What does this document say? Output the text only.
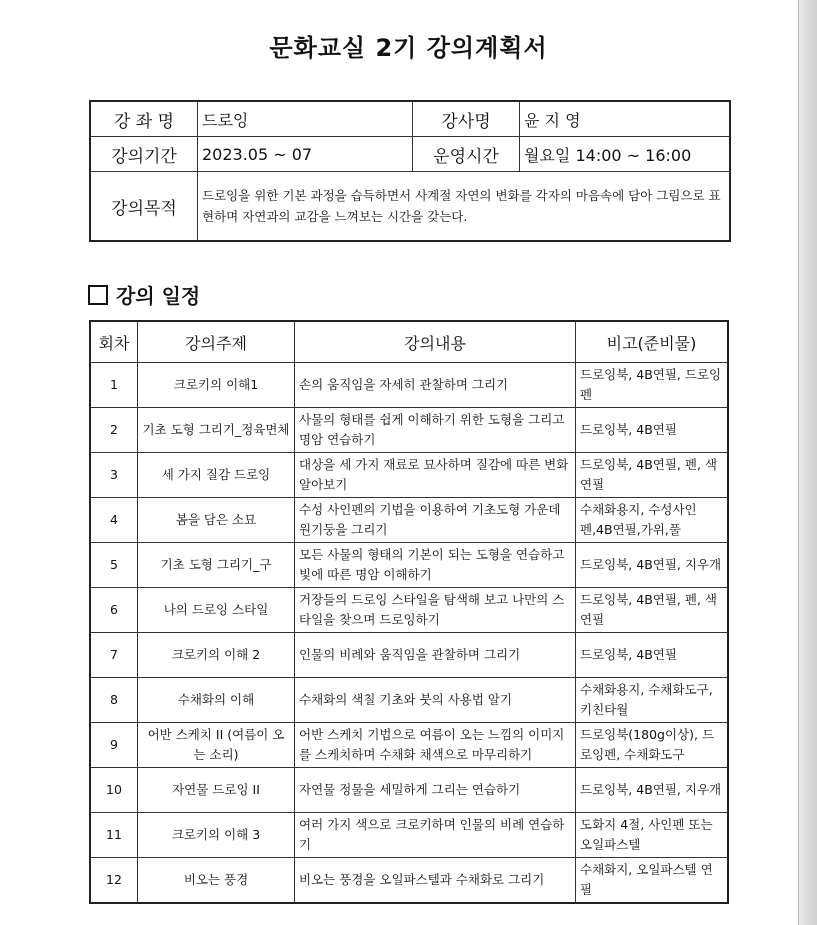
문화교실 2기 강의계획서
강 좌 명	드로잉	강사명	윤 지 영
강의기간	2023.05 ~ 07	운영시간	월요일 14:00 ~ 16:00
강의목적	드로잉을 위한 기본 과정을 습득하면서 사계절 자연의 변화를 각자의 마음속에 담아 그림으로 표현하며 자연과의 교감을 느껴보는 시간을 갖는다.		
강의 일정
회차	강의주제	강의내용	비고(준비물)
1	크로키의 이해1	손의 움직임을 자세히 관찰하며 그리기	드로잉북, 4B연필, 드로잉펜
2	기초 도형 그리기_정육면체	사물의 형태를 쉽게 이해하기 위한 도형을 그리고 명암 연습하기	드로잉북, 4B연필
3	세 가지 질감 드로잉	대상을 세 가지 재료로 묘사하며 질감에 따른 변화 알아보기	드로잉북, 4B연필, 펜, 색연필
4	봄을 담은 소묘	수성 사인펜의 기법을 이용하여 기초도형 가운데 원기둥을 그리기	수채화용지, 수성사인펜,4B연필,가위,풀
5	기초 도형 그리기_구	모든 사물의 형태의 기본이 되는 도형을 연습하고 빛에 따른 명암 이해하기	드로잉북, 4B연필, 지우개
6	나의 드로잉 스타일	거장들의 드로잉 스타일을 탐색해 보고 나만의 스타일을 찾으며 드로잉하기	드로잉북, 4B연필, 펜, 색연필
7	크로키의 이해 2	인물의 비례와 움직임을 관찰하며 그리기	드로잉북, 4B연필
8	수채화의 이해	수채화의 색칠 기초와 붓의 사용법 알기	수채화용지, 수채화도구, 키친타월
9	어반 스케치 II (여름이 오는 소리)	어반 스케치 기법으로 여름이 오는 느낌의 이미지를 스케치하며 수채화 채색으로 마무리하기	드로잉북(180g이상), 드로잉펜, 수채화도구
10	자연물 드로잉 II	자연물 정물을 세밀하게 그리는 연습하기	드로잉북, 4B연필, 지우개
11	크로키의 이해 3	여러 가지 색으로 크로키하며 인물의 비례 연습하기	도화지 4절, 사인펜 또는 오일파스텔
12	비오는 풍경	비오는 풍경을 오일파스텔과 수채화로 그리기	수채화지, 오일파스텔 연필
